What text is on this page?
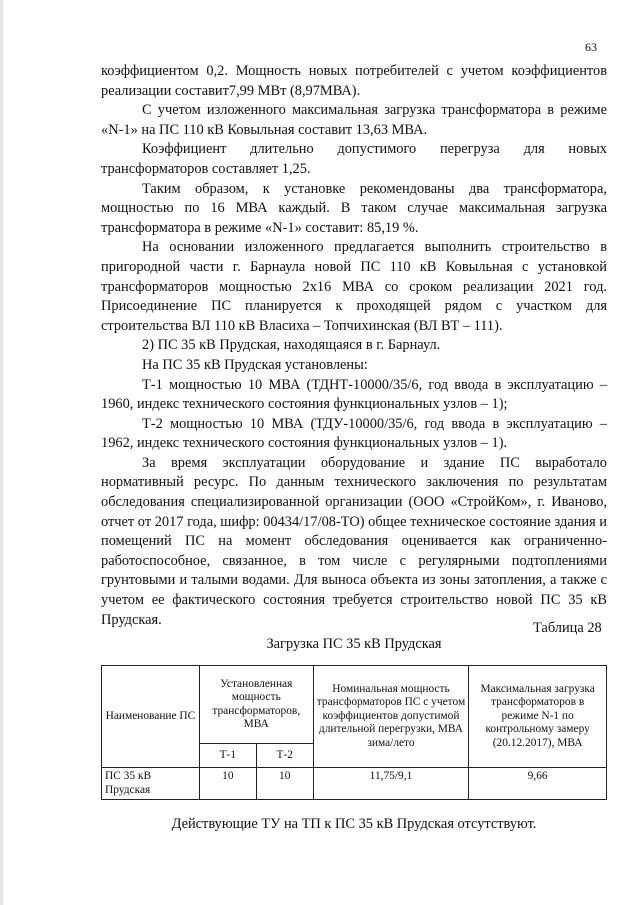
63

коэффициентом 0,2. Мощность новых потребителей с учетом коэффициентов реализации составит7,99 МВт (8,97МВА).

С учетом изложенного максимальная загрузка трансформатора в режиме «N-1» на ПС 110 кВ Ковыльная составит 13,63 МВА.

Коэффициент длительно допустимого перегруза для новых трансформаторов составляет 1,25.

Таким образом, к установке рекомендованы два трансформатора, мощностью по 16 МВА каждый. В таком случае максимальная загрузка трансформатора в режиме «N-1» составит: 85,19 %.

На основании изложенного предлагается выполнить строительство в пригородной части г. Барнаула новой ПС 110 кВ Ковыльная с установкой трансформаторов мощностью 2х16 МВА со сроком реализации 2021 год. Присоединение ПС планируется к проходящей рядом с участком для строительства ВЛ 110 кВ Власиха – Топчихинская (ВЛ ВТ – 111).

2) ПС 35 кВ Прудская, находящаяся в г. Барнаул.

На ПС 35 кВ Прудская установлены:

Т-1 мощностью 10 МВА (ТДНТ-10000/35/6, год ввода в эксплуатацию – 1960, индекс технического состояния функциональных узлов – 1);

Т-2 мощностью 10 МВА (ТДУ-10000/35/6, год ввода в эксплуатацию – 1962, индекс технического состояния функциональных узлов – 1).

За время эксплуатации оборудование и здание ПС выработало нормативный ресурс. По данным технического заключения по результатам обследования специализированной организации (ООО «СтройКом», г. Иваново, отчет от 2017 года, шифр: 00434/17/08-ТО) общее техническое состояние здания и помещений ПС на момент обследования оценивается как ограниченно-работоспособное, связанное, в том числе с регулярными подтоплениями грунтовыми и талыми водами. Для выноса объекта из зоны затопления, а также с учетом ее фактического состояния требуется строительство новой ПС 35 кВ Прудская.

Таблица 28
Загрузка ПС 35 кВ Прудская
Наименование ПС	Установленная мощность трансформаторов, МВА		Номинальная мощность трансформаторов ПС с учетом коэффициентов допустимой длительной перегрузки, МВА зима/лето	Максимальная загрузка трансформаторов в режиме N-1 по контрольному замеру (20.12.2017), МВА
	Т-1	Т-2		
ПС 35 кВ Прудская	10	10	11,75/9,1	9,66
Действующие ТУ на ТП к ПС 35 кВ Прудская отсутствуют.
